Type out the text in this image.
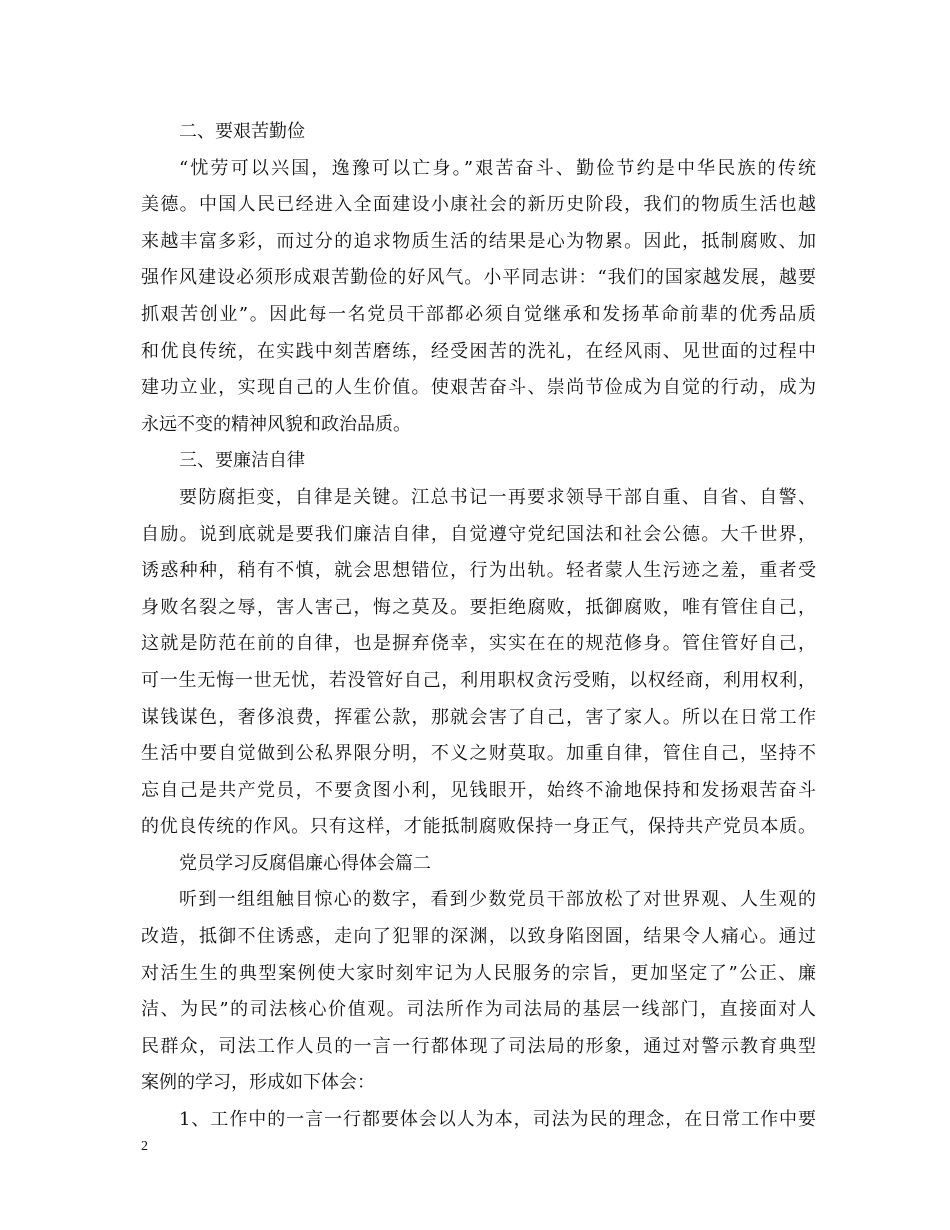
二、要艰苦勤俭
“忧劳可以兴国，逸豫可以亡身。”艰苦奋斗、勤俭节约是中华民族的传统
美德。中国人民已经进入全面建设小康社会的新历史阶段，我们的物质生活也越
来越丰富多彩，而过分的追求物质生活的结果是心为物累。因此，抵制腐败、加
强作风建设必须形成艰苦勤俭的好风气。小平同志讲：“我们的国家越发展，越要
抓艰苦创业”。因此每一名党员干部都必须自觉继承和发扬革命前辈的优秀品质
和优良传统，在实践中刻苦磨练，经受困苦的洗礼，在经风雨、见世面的过程中
建功立业，实现自己的人生价值。使艰苦奋斗、崇尚节俭成为自觉的行动，成为
永远不变的精神风貌和政治品质。
三、要廉洁自律
要防腐拒变，自律是关键。江总书记一再要求领导干部自重、自省、自警、
自励。说到底就是要我们廉洁自律，自觉遵守党纪国法和社会公德。大千世界，
诱惑种种，稍有不慎，就会思想错位，行为出轨。轻者蒙人生污迹之羞，重者受
身败名裂之辱，害人害己，悔之莫及。要拒绝腐败，抵御腐败，唯有管住自己，
这就是防范在前的自律，也是摒弃侥幸，实实在在的规范修身。管住管好自己，
可一生无悔一世无忧，若没管好自己，利用职权贪污受贿，以权经商，利用权利，
谋钱谋色，奢侈浪费，挥霍公款，那就会害了自己，害了家人。所以在日常工作
生活中要自觉做到公私界限分明，不义之财莫取。加重自律，管住自己，坚持不
忘自己是共产党员，不要贪图小利，见钱眼开，始终不渝地保持和发扬艰苦奋斗
的优良传统的作风。只有这样，才能抵制腐败保持一身正气，保持共产党员本质。
党员学习反腐倡廉心得体会篇二
听到一组组触目惊心的数字，看到少数党员干部放松了对世界观、人生观的
改造，抵御不住诱惑，走向了犯罪的深渊，以致身陷囹圄，结果令人痛心。通过
对活生生的典型案例使大家时刻牢记为人民服务的宗旨，更加坚定了”公正、廉
洁、为民”的司法核心价值观。司法所作为司法局的基层一线部门，直接面对人
民群众，司法工作人员的一言一行都体现了司法局的形象，通过对警示教育典型
案例的学习，形成如下体会：
1、工作中的一言一行都要体会以人为本，司法为民的理念，在日常工作中要
2
